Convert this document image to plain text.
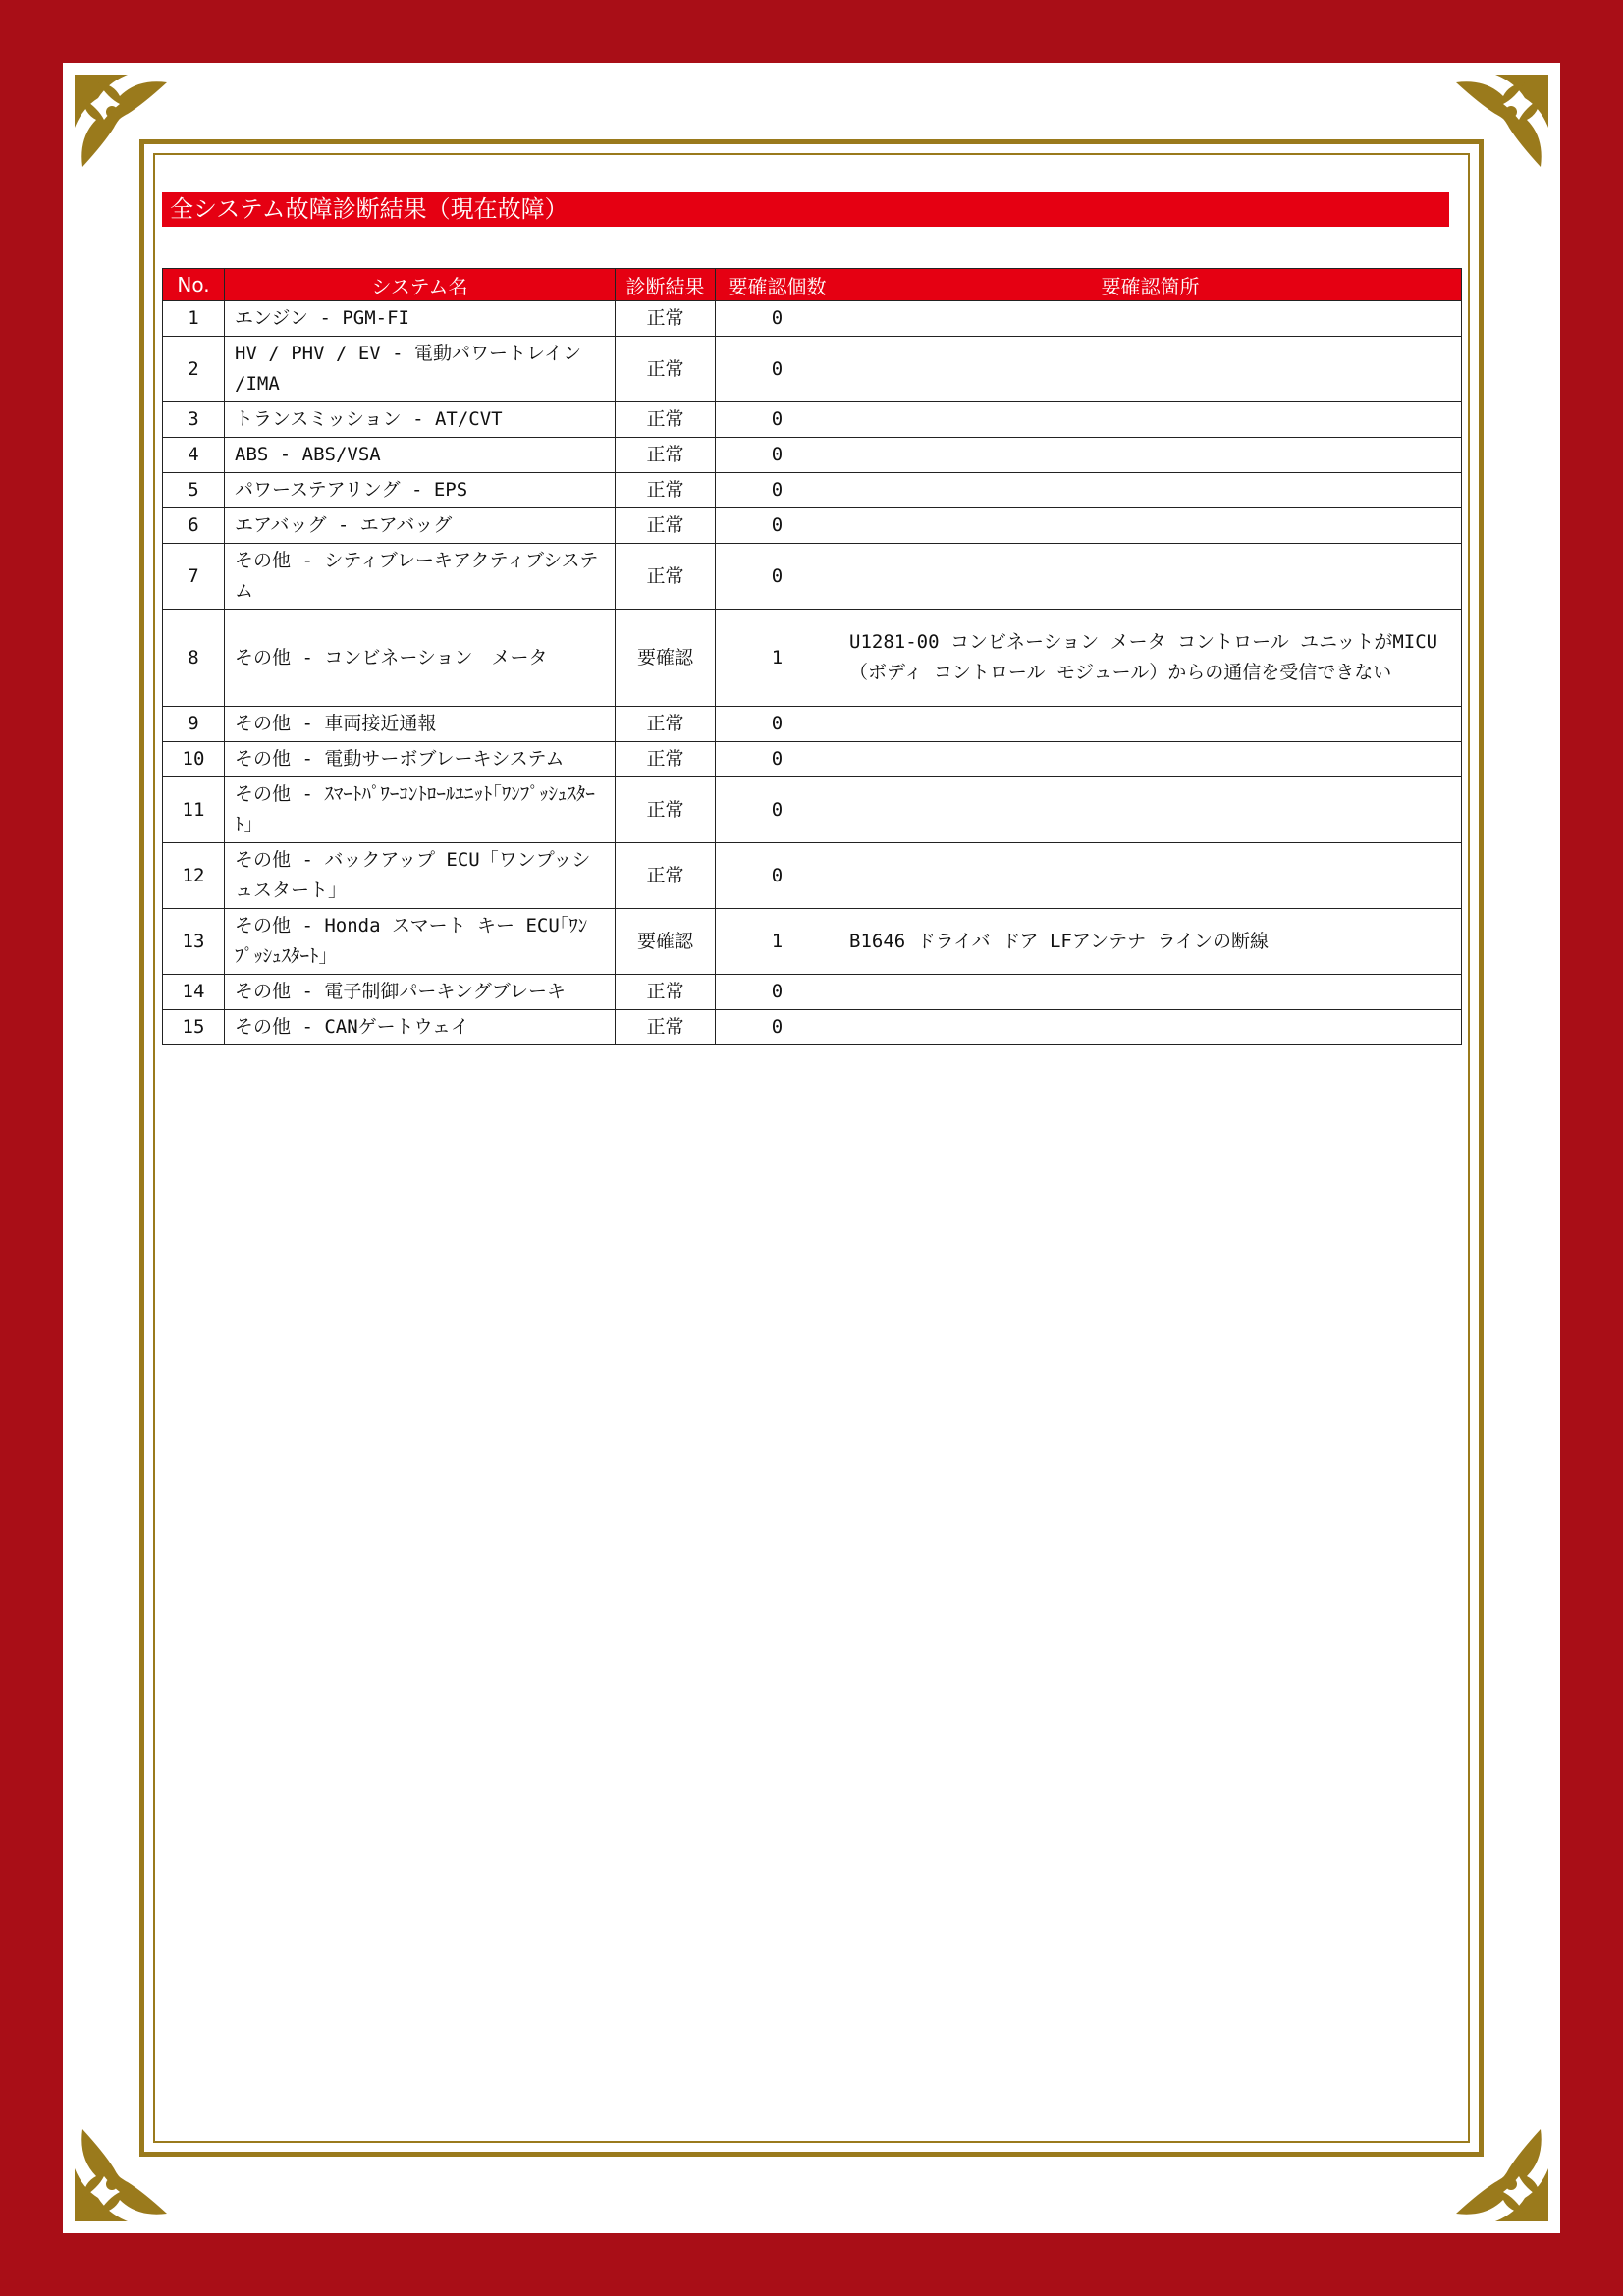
全システム故障診断結果（現在故障）
No.	システム名	診断結果	要確認個数	要確認箇所
1	エンジン - PGM-FI	正常	0	
2	HV / PHV / EV - 電動パワートレイン /IMA	正常	0	
3	トランスミッション - AT/CVT	正常	0	
4	ABS - ABS/VSA	正常	0	
5	パワーステアリング - EPS	正常	0	
6	エアバッグ - エアバッグ	正常	0	
7	その他 - シティブレーキアクティブシステム	正常	0	
8	その他 - コンビネーション　メータ	要確認	1	U1281-00 コンビネーション メータ コントロール ユニットがMICU（ボディ コントロール モジュール）からの通信を受信できない
9	その他 - 車両接近通報	正常	0	
10	その他 - 電動サーボブレーキシステム	正常	0	
11	その他 - ｽﾏｰﾄﾊﾟﾜｰｺﾝﾄﾛｰﾙﾕﾆｯﾄ｢ﾜﾝﾌﾟｯｼｭｽﾀｰﾄ｣	正常	0	
12	その他 - バックアップ ECU「ワンプッシュスタート」	正常	0	
13	その他 - Honda スマート キー ECU｢ﾜﾝﾌﾟｯｼｭｽﾀｰﾄ｣	要確認	1	B1646 ドライバ ドア LFアンテナ ラインの断線
14	その他 - 電子制御パーキングブレーキ	正常	0	
15	その他 - CANゲートウェイ	正常	0	
